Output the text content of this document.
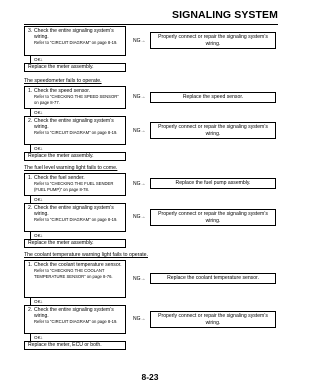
SIGNALING SYSTEM
3. Check the entire signaling system’s wiring.
Refer to “CIRCUIT DIAGRAM” on page 8-19.	NG→
Properly connect or repair the signaling system’s wiring.
OK↓
Replace the meter assembly.
The speedometer fails to operate.
1. Check the speed sensor.
Refer to “CHECKING THE SPEED SENSOR” on page 8-77.
NG→	Replace the speed sensor.
OK↓
2. Check the entire signaling system’s wiring.
Refer to “CIRCUIT DIAGRAM” on page 8-19.	NG→
Properly connect or repair the signaling system’s wiring.
OK↓
Replace the meter assembly.
The fuel level warning light fails to come.
1. Check the fuel sender.
Refer to “CHECKING THE FUEL SENDER (FUEL PUMP)” on page 8-78.
NG→	Replace the fuel pump assembly.
OK↓
2. Check the entire signaling system’s wiring.
Refer to “CIRCUIT DIAGRAM” on page 8-19.	NG→	Properly connect or repair the signaling system’s wiring.
OK↓
Replace the meter assembly.
The coolant temperature warning light fails to operate.
1. Check the coolant temperature sensor.
Refer to “CHECKING THE COOLANT TEMPERATURE SENSOR” on page 8-76.	NG→	Replace the coolant temperature sensor.
OK↓
2. Check the entire signaling system’s wiring.
Refer to “CIRCUIT DIAGRAM” on page 8-19.	NG→	Properly connect or repair the signaling system’s wiring.
OK↓
Replace the meter, ECU or both.
8-23
